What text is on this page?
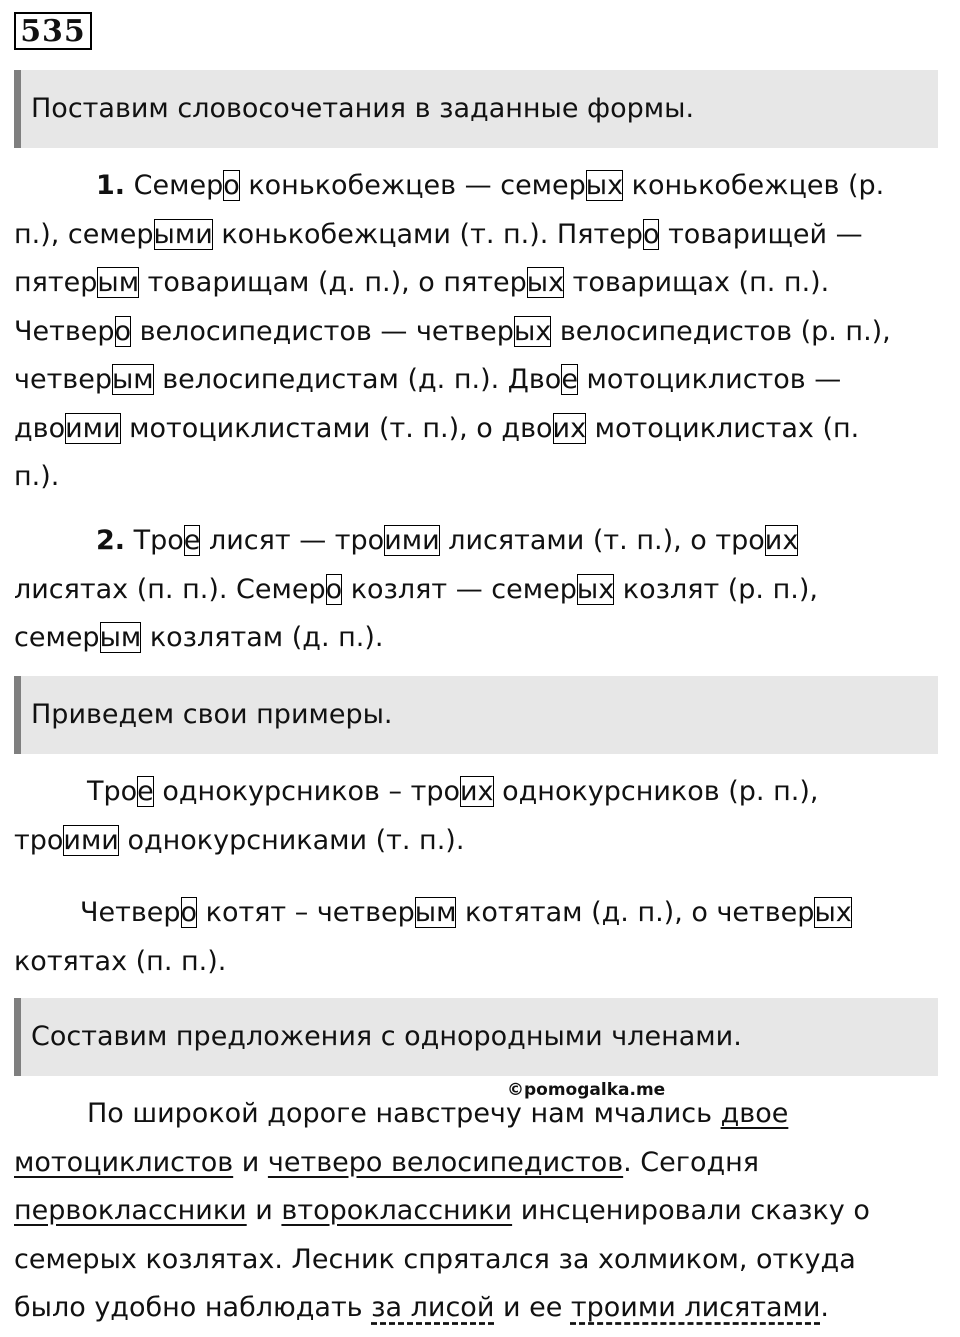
535
Поставим словосочетания в заданные формы.
1. Семеро конькобежцев — семерых конькобежцев (р.
п.), семерыми конькобежцами (т. п.). Пятеро товарищей —
пятерым товарищам (д. п.), о пятерых товарищах (п. п.).
Четверо велосипедистов — четверых велосипедистов (р. п.),
четверым велосипедистам (д. п.). Двое мотоциклистов —
двоими мотоциклистами (т. п.), о двоих мотоциклистах (п.
п.).
2. Трое лисят — троими лисятами (т. п.), о троих
лисятах (п. п.). Семеро козлят — семерых козлят (р. п.),
семерым козлятам (д. п.).
Приведем свои примеры.
Трое однокурсников – троих однокурсников (р. п.),
троими однокурсниками (т. п.).
Четверо котят – четверым котятам (д. п.), о четверых
котятах (п. п.).
Составим предложения с однородными членами.
©pomogalka.me
По широкой дороге навстречу нам мчались двое
мотоциклистов и четверо велосипедистов. Сегодня
первоклассники и второклассники инсценировали сказку о
семерых козлятах. Лесник спрятался за холмиком, откуда
было удобно наблюдать за лисой и ее троими лисятами.
